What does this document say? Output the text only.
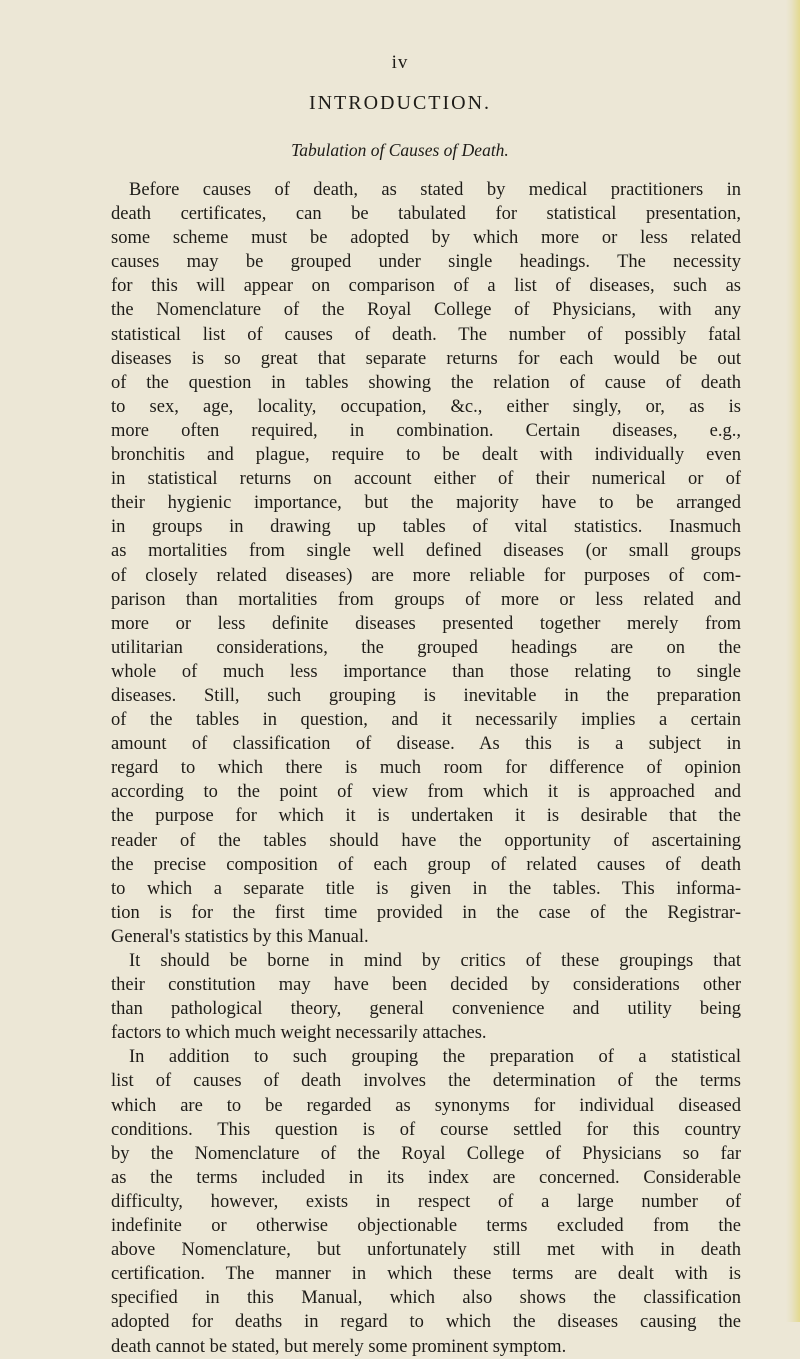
iv
INTRODUCTION.
Tabulation of Causes of Death.
Before causes of death, as stated by medical practitioners in
death certificates, can be tabulated for statistical presentation,
some scheme must be adopted by which more or less related
causes may be grouped under single headings. The necessity
for this will appear on comparison of a list of diseases, such as
the Nomenclature of the Royal College of Physicians, with any
statistical list of causes of death. The number of possibly fatal
diseases is so great that separate returns for each would be out
of the question in tables showing the relation of cause of death
to sex, age, locality, occupation, &c., either singly, or, as is
more often required, in combination. Certain diseases, e.g.,
bronchitis and plague, require to be dealt with individually even
in statistical returns on account either of their numerical or of
their hygienic importance, but the majority have to be arranged
in groups in drawing up tables of vital statistics. Inasmuch
as mortalities from single well defined diseases (or small groups
of closely related diseases) are more reliable for purposes of com-
parison than mortalities from groups of more or less related and
more or less definite diseases presented together merely from
utilitarian considerations, the grouped headings are on the
whole of much less importance than those relating to single
diseases. Still, such grouping is inevitable in the preparation
of the tables in question, and it necessarily implies a certain
amount of classification of disease. As this is a subject in
regard to which there is much room for difference of opinion
according to the point of view from which it is approached and
the purpose for which it is undertaken it is desirable that the
reader of the tables should have the opportunity of ascertaining
the precise composition of each group of related causes of death
to which a separate title is given in the tables. This informa-
tion is for the first time provided in the case of the Registrar-
General's statistics by this Manual.
It should be borne in mind by critics of these groupings that
their constitution may have been decided by considerations other
than pathological theory, general convenience and utility being
factors to which much weight necessarily attaches.
In addition to such grouping the preparation of a statistical
list of causes of death involves the determination of the terms
which are to be regarded as synonyms for individual diseased
conditions. This question is of course settled for this country
by the Nomenclature of the Royal College of Physicians so far
as the terms included in its index are concerned. Considerable
difficulty, however, exists in respect of a large number of
indefinite or otherwise objectionable terms excluded from the
above Nomenclature, but unfortunately still met with in death
certification. The manner in which these terms are dealt with is
specified in this Manual, which also shows the classification
adopted for deaths in regard to which the diseases causing the
death cannot be stated, but merely some prominent symptom.
